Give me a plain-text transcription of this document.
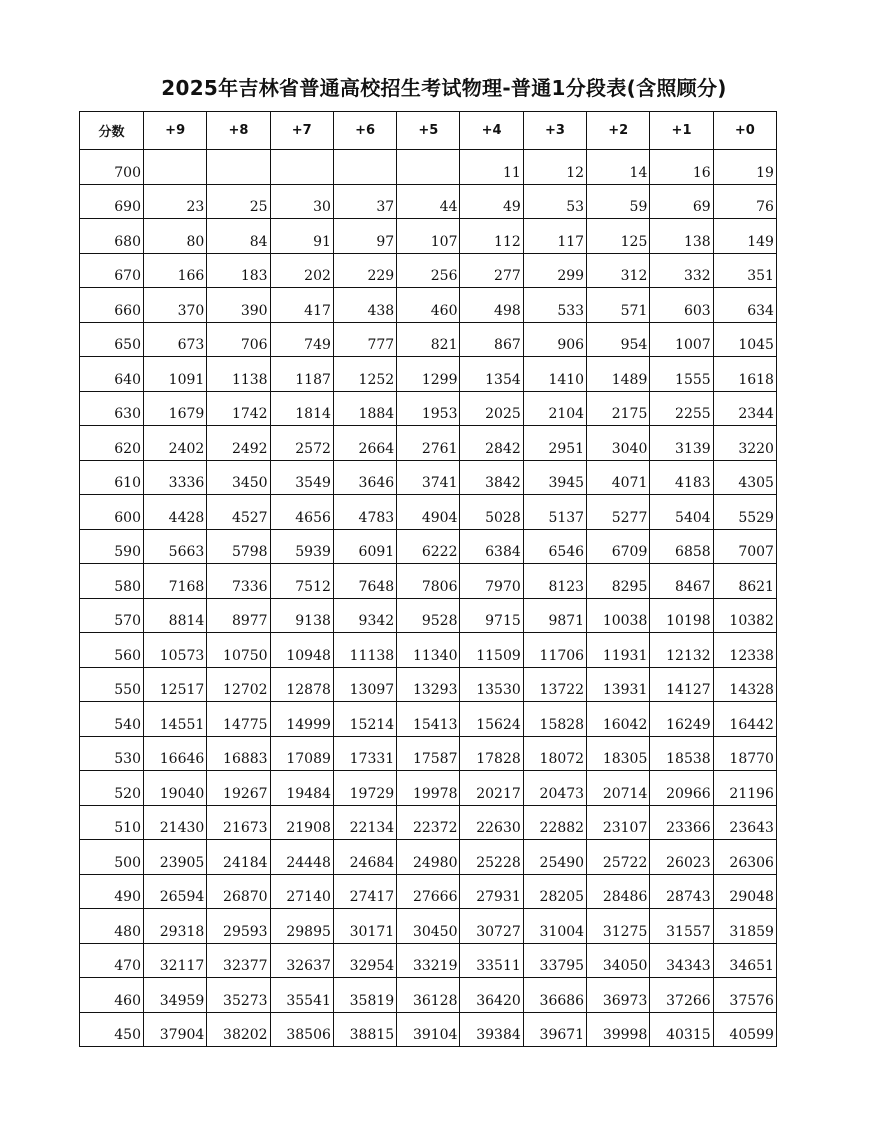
2025年吉林省普通高校招生考试物理-普通1分段表(含照顾分)
分数	+9	+8	+7	+6	+5	+4	+3	+2	+1	+0
700						11	12	14	16	19
690	23	25	30	37	44	49	53	59	69	76
680	80	84	91	97	107	112	117	125	138	149
670	166	183	202	229	256	277	299	312	332	351
660	370	390	417	438	460	498	533	571	603	634
650	673	706	749	777	821	867	906	954	1007	1045
640	1091	1138	1187	1252	1299	1354	1410	1489	1555	1618
630	1679	1742	1814	1884	1953	2025	2104	2175	2255	2344
620	2402	2492	2572	2664	2761	2842	2951	3040	3139	3220
610	3336	3450	3549	3646	3741	3842	3945	4071	4183	4305
600	4428	4527	4656	4783	4904	5028	5137	5277	5404	5529
590	5663	5798	5939	6091	6222	6384	6546	6709	6858	7007
580	7168	7336	7512	7648	7806	7970	8123	8295	8467	8621
570	8814	8977	9138	9342	9528	9715	9871	10038	10198	10382
560	10573	10750	10948	11138	11340	11509	11706	11931	12132	12338
550	12517	12702	12878	13097	13293	13530	13722	13931	14127	14328
540	14551	14775	14999	15214	15413	15624	15828	16042	16249	16442
530	16646	16883	17089	17331	17587	17828	18072	18305	18538	18770
520	19040	19267	19484	19729	19978	20217	20473	20714	20966	21196
510	21430	21673	21908	22134	22372	22630	22882	23107	23366	23643
500	23905	24184	24448	24684	24980	25228	25490	25722	26023	26306
490	26594	26870	27140	27417	27666	27931	28205	28486	28743	29048
480	29318	29593	29895	30171	30450	30727	31004	31275	31557	31859
470	32117	32377	32637	32954	33219	33511	33795	34050	34343	34651
460	34959	35273	35541	35819	36128	36420	36686	36973	37266	37576
450	37904	38202	38506	38815	39104	39384	39671	39998	40315	40599
